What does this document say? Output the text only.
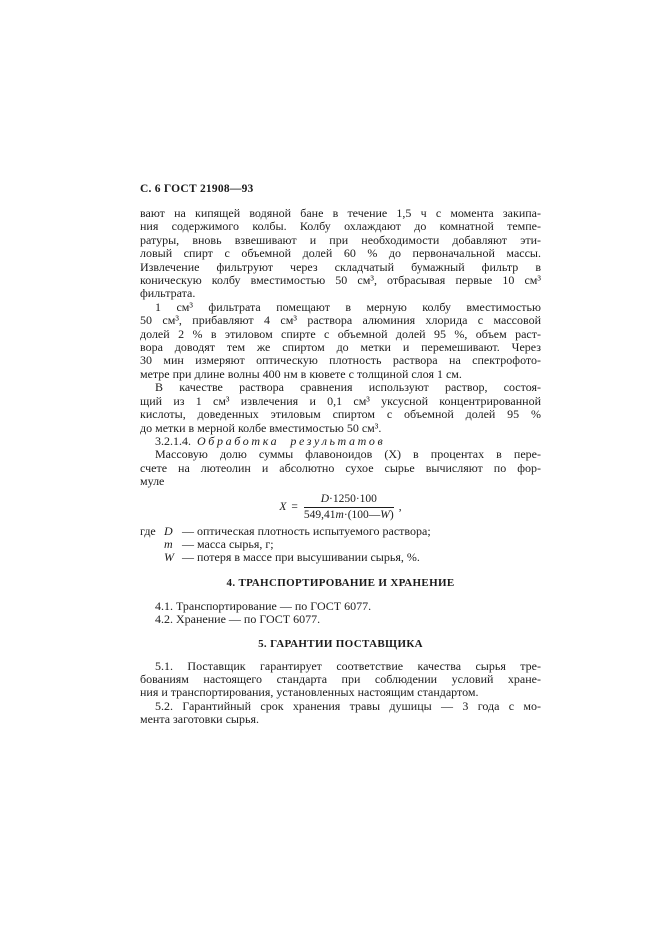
С. 6 ГОСТ 21908—93
вают на кипящей водяной бане в течение 1,5 ч с момента закипа-
ния содержимого колбы. Колбу охлаждают до комнатной темпе-
ратуры, вновь взвешивают и при необходимости добавляют эти-
ловый спирт с объемной долей 60 % до первоначальной массы.
Извлечение фильтруют через складчатый бумажный фильтр в
коническую колбу вместимостью 50 см³, отбрасывая первые 10 см³
фильтрата.
1 см³ фильтрата помещают в мерную колбу вместимостью
50 см³, прибавляют 4 см³ раствора алюминия хлорида с массовой
долей 2 % в этиловом спирте с объемной долей 95 %, объем раст-
вора доводят тем же спиртом до метки и перемешивают. Через
30 мин измеряют оптическую плотность раствора на спектрофото-
метре при длине волны 400 нм в кювете с толщиной слоя 1 см.
В качестве раствора сравнения используют раствор, состоя-
щий из 1 см³ извлечения и 0,1 см³ уксусной концентрированной
кислоты, доведенных этиловым спиртом с объемной долей 95 %
до метки в мерной колбе вместимостью 50 см³.
3.2.1.4. Обработка результатов
Массовую долю суммы флавоноидов (X) в процентах в пере-
счете на лютеолин и абсолютно сухое сырье вычисляют по фор-
муле
$X = \frac{D\cdot 1250\cdot 100}{549,41m\cdot(100—W)}$ ,
где D — оптическая плотность испытуемого раствора;
m — масса сырья, г;
W — потеря в массе при высушивании сырья, %.
4. ТРАНСПОРТИРОВАНИЕ И ХРАНЕНИЕ
4.1. Транспортирование — по ГОСТ 6077.
4.2. Хранение — по ГОСТ 6077.
5. ГАРАНТИИ ПОСТАВЩИКА
5.1. Поставщик гарантирует соответствие качества сырья тре-
бованиям настоящего стандарта при соблюдении условий хране-
ния и транспортирования, установленных настоящим стандартом.
5.2. Гарантийный срок хранения травы душицы — 3 года с мо-
мента заготовки сырья.
